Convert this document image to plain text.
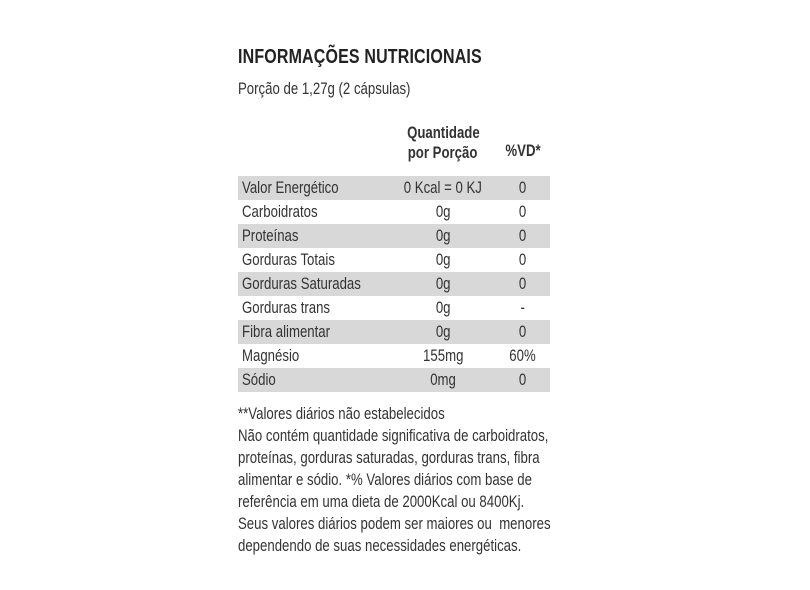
INFORMAÇÕES NUTRICIONAIS
Porção de 1,27g (2 cápsulas)
Quantidade
por Porção	%VD*
Valor Energético	0 Kcal = 0 KJ	0
Carboidratos	0g	0
Proteínas	0g	0
Gorduras Totais	0g	0
Gorduras Saturadas	0g	0
Gorduras trans	0g	-
Fibra alimentar	0g	0
Magnésio	155mg	60%
Sódio	0mg	0
**Valores diários não estabelecidos
Não contém quantidade significativa de carboidratos,
proteínas, gorduras saturadas, gorduras trans, fibra
alimentar e sódio. *% Valores diários com base de
referência em uma dieta de 2000Kcal ou 8400Kj.
Seus valores diários podem ser maiores ou  menores
dependendo de suas necessidades energéticas.
